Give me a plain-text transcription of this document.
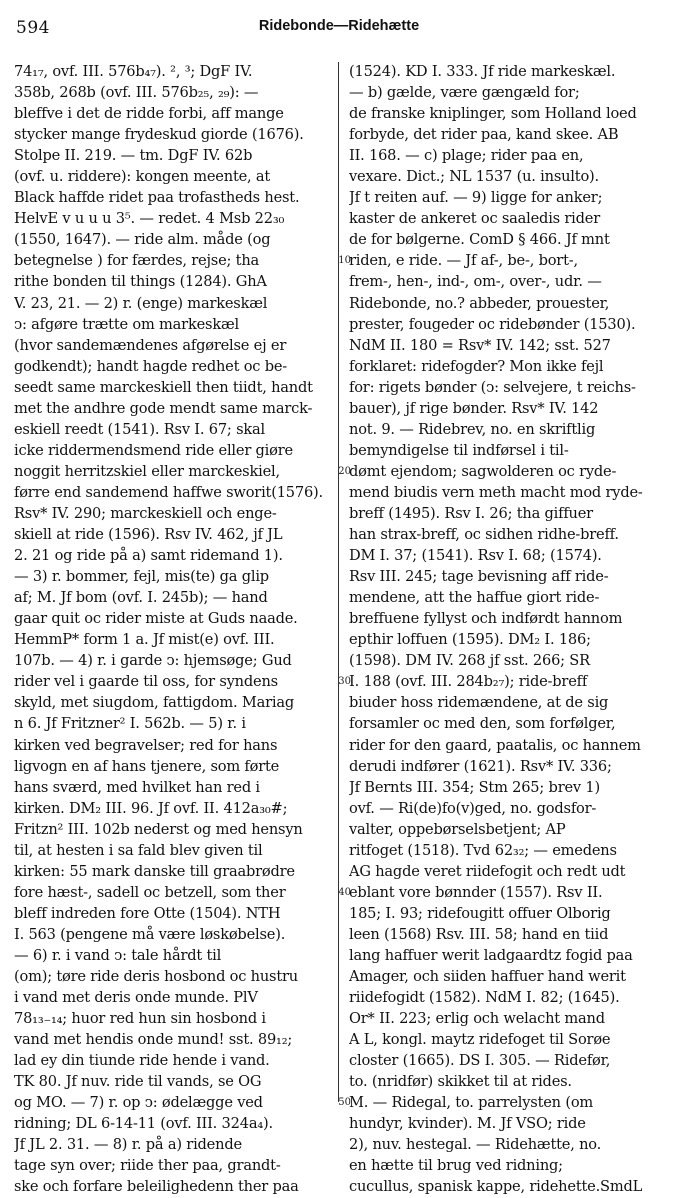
594	Ridebonde—Ridehætte
74₁₇, ovf. III. 576b₄₇). ², ³; DgF IV.
358b, 268b (ovf. III. 576b₂₅, ₂₉): —
bleffve i det de ridde forbi, aff mange
stycker mange frydeskud giorde (1676).
Stolpe II. 219. — tm. DgF IV. 62b
(ovf. u. riddere): kongen meente, at
Black haffde ridet paa trofastheds hest.
HelvE v u u u 3⁵. — redet. 4 Msb 22₃₀
(1550, 1647). — ride alm. måde (og
betegnelse ) for færdes, rejse; tha
rithe bonden til things (1284). GhA
V. 23, 21. — 2) r. (enge) markeskæl
ↄ: afgøre trætte om markeskæl
(hvor sandemændenes afgørelse ej er
godkendt); handt hagde redhet oc be-
seedt same marckeskiell then tiidt, handt
met the andhre gode mendt same marck-
eskiell reedt (1541). Rsv I. 67; skal
icke riddermendsmend ride eller giøre
noggit herritzskiel eller marckeskiel,
førre end sandemend haffwe sworit(1576).
Rsv* IV. 290; marckeskiell och enge-
skiell at ride (1596). Rsv IV. 462, jf JL
2. 21 og ride på a) samt ridemand 1).
— 3) r. bommer, fejl, mis(te) ga glip
af; M. Jf bom (ovf. I. 245b); — hand
gaar quit oc rider miste at Guds naade.
HemmP* form 1 a. Jf mist(e) ovf. III.
107b. — 4) r. i garde ↄ: hjemsøge; Gud
rider vel i gaarde til oss, for syndens
skyld, met siugdom, fattigdom. Mariag
n 6. Jf Fritzner² I. 562b. — 5) r. i
kirken ved begravelser; red for hans
ligvogn en af hans tjenere, som førte
hans sværd, med hvilket han red i
kirken. DM₂ III. 96. Jf ovf. II. 412a₃₀#;
Fritzn² III. 102b nederst og med hensyn
til, at hesten i sa fald blev given til
kirken: 55 mark danske till graabrødre
fore hæst-, sadell oc betzell, som ther
bleff indreden fore Otte (1504). NTH
I. 563 (pengene må være løskøbelse).
— 6) r. i vand ↄ: tale hårdt til
(om); tøre ride deris hosbond oc hustru
i vand met deris onde munde. PlV
78₁₃₋₁₄; huor red hun sin hosbond i
vand met hendis onde mund! sst. 89₁₂;
lad ey din tiunde ride hende i vand.
TK 80. Jf nuv. ride til vands, se OG
og MO. — 7) r. op ↄ: ødelægge ved
ridning; DL 6-14-11 (ovf. III. 324a₄).
Jf JL 2. 31. — 8) r. på a) ridende
tage syn over; riide ther paa, grandt-
ske och forfare beleilighedenn ther paa
(1524). KD I. 333. Jf ride markeskæl.
— b) gælde, være gængæld for;
de franske kniplinger, som Holland loed
forbyde, det rider paa, kand skee. AB
II. 168. — c) plage; rider paa en,
vexare. Dict.; NL 1537 (u. insulto).
Jf t reiten auf. — 9) ligge for anker;
kaster de ankeret oc saaledis rider
de for bølgerne. ComD § 466. Jf mnt
riden, e ride. — Jf af-, be-, bort-,
frem-, hen-, ind-, om-, over-, udr. —
Ridebonde, no.? abbeder, prouester,
prester, fougeder oc ridebønder (1530).
NdM II. 180 = Rsv* IV. 142; sst. 527
forklaret: ridefogder? Mon ikke fejl
for: rigets bønder (ↄ: selvejere, t reichs-
bauer), jf rige bønder. Rsv* IV. 142
not. 9. — Ridebrev, no. en skriftlig
bemyndigelse til indførsel i til-
dømt ejendom; sagwolderen oc ryde-
mend biudis vern meth macht mod ryde-
breff (1495). Rsv I. 26; tha giffuer
han strax-breff, oc sidhen ridhe-breff.
DM I. 37; (1541). Rsv I. 68; (1574).
Rsv III. 245; tage bevisning aff ride-
mendene, att the haffue giort ride-
breffuene fyllyst och indførdt hannom
epthir loffuen (1595). DM₂ I. 186;
(1598). DM IV. 268 jf sst. 266; SR
I. 188 (ovf. III. 284b₂₇); ride-breff
biuder hoss ridemændene, at de sig
forsamler oc med den, som forfølger,
rider for den gaard, paatalis, oc hannem
derudi indfører (1621). Rsv* IV. 336;
Jf Bernts III. 354; Stm 265; brev 1)
ovf. — Ri(de)fo(v)ged, no. godsfor-
valter, oppebørselsbetjent; AP
ritfoget (1518). Tvd 62₃₂; — emedens
AG hagde veret riidefogit och redt udt
eblant vore bønnder (1557). Rsv II.
185; I. 93; ridefougitt offuer Olborig
leen (1568) Rsv. III. 58; hand en tiid
lang haffuer werit ladgaardtz fogid paa
Amager, och siiden haffuer hand werit
riidefogidt (1582). NdM I. 82; (1645).
Or* II. 223; erlig och welacht mand
A L, kongl. maytz ridefoget til Sorøe
closter (1665). DS I. 305. — Ridefør,
to. (nridfør) skikket til at rides.
M. — Ridegal, to. parrelysten (om
hundyr, kvinder). M. Jf VSO; ride
2), nuv. hestegal. — Ridehætte, no.
en hætte til brug ved ridning;
cucullus, spanisk kappe, ridehette.SmdL
10
20
30
40
50
